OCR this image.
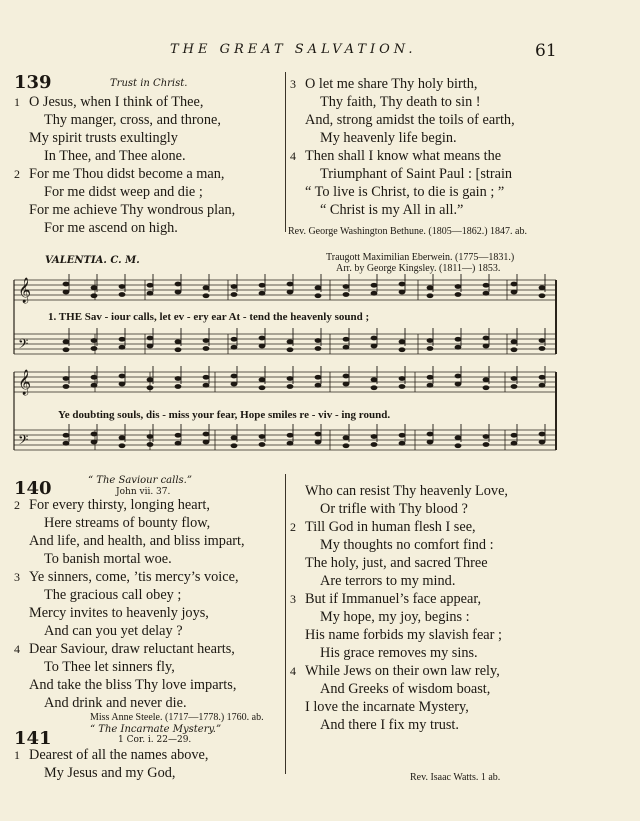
THE GREAT SALVATION.	61
139	Trust in Christ.
1 O Jesus, when I think of Thee,
Thy manger, cross, and throne,
My spirit trusts exultingly
In Thee, and Thee alone.
2 For me Thou didst become a man,
For me didst weep and die ;
For me achieve Thy wondrous plan,
For me ascend on high.
3 O let me share Thy holy birth,
Thy faith, Thy death to sin !
And, strong amidst the toils of earth,
My heavenly life begin.
4 Then shall I know what means the
Triumphant of Saint Paul : [strain
“ To live is Christ, to die is gain ; ”
“ Christ is my All in all.”
Rev. George Washington Bethune. (1805—1862.) 1847. ab.
VALENTIA. C. M.	Traugott Maximilian Eberwein. (1775—1831.)
Arr. by George Kingsley. (1811—) 1853.
𝄞
𝄢
𝄞
𝄢
1. THE Sav - iour calls, let ev - ery ear At - tend the heavenly sound ;
Ye doubting souls, dis - miss your fear, Hope smiles re - viv - ing round.
140	“ The Saviour calls.”
John vii. 37.
2 For every thirsty, longing heart,
Here streams of bounty flow,
And life, and health, and bliss impart,
To banish mortal woe.
3 Ye sinners, come, ’tis mercy’s voice,
The gracious call obey ;
Mercy invites to heavenly joys,
And can you yet delay ?
4 Dear Saviour, draw reluctant hearts,
To Thee let sinners fly,
And take the bliss Thy love imparts,
And drink and never die.
Miss Anne Steele. (1717—1778.) 1760. ab.
Who can resist Thy heavenly Love,
Or trifle with Thy blood ?
2 Till God in human flesh I see,
My thoughts no comfort find :
The holy, just, and sacred Three
Are terrors to my mind.
3 But if Immanuel’s face appear,
My hope, my joy, begins :
His name forbids my slavish fear ;
His grace removes my sins.
4 While Jews on their own law rely,
And Greeks of wisdom boast,
I love the incarnate Mystery,
And there I fix my trust.
Rev. Isaac Watts. 1 ab.
141	“ The Incarnate Mystery.”
1 Cor. i. 22—29.
1 Dearest of all the names above,
My Jesus and my God,
